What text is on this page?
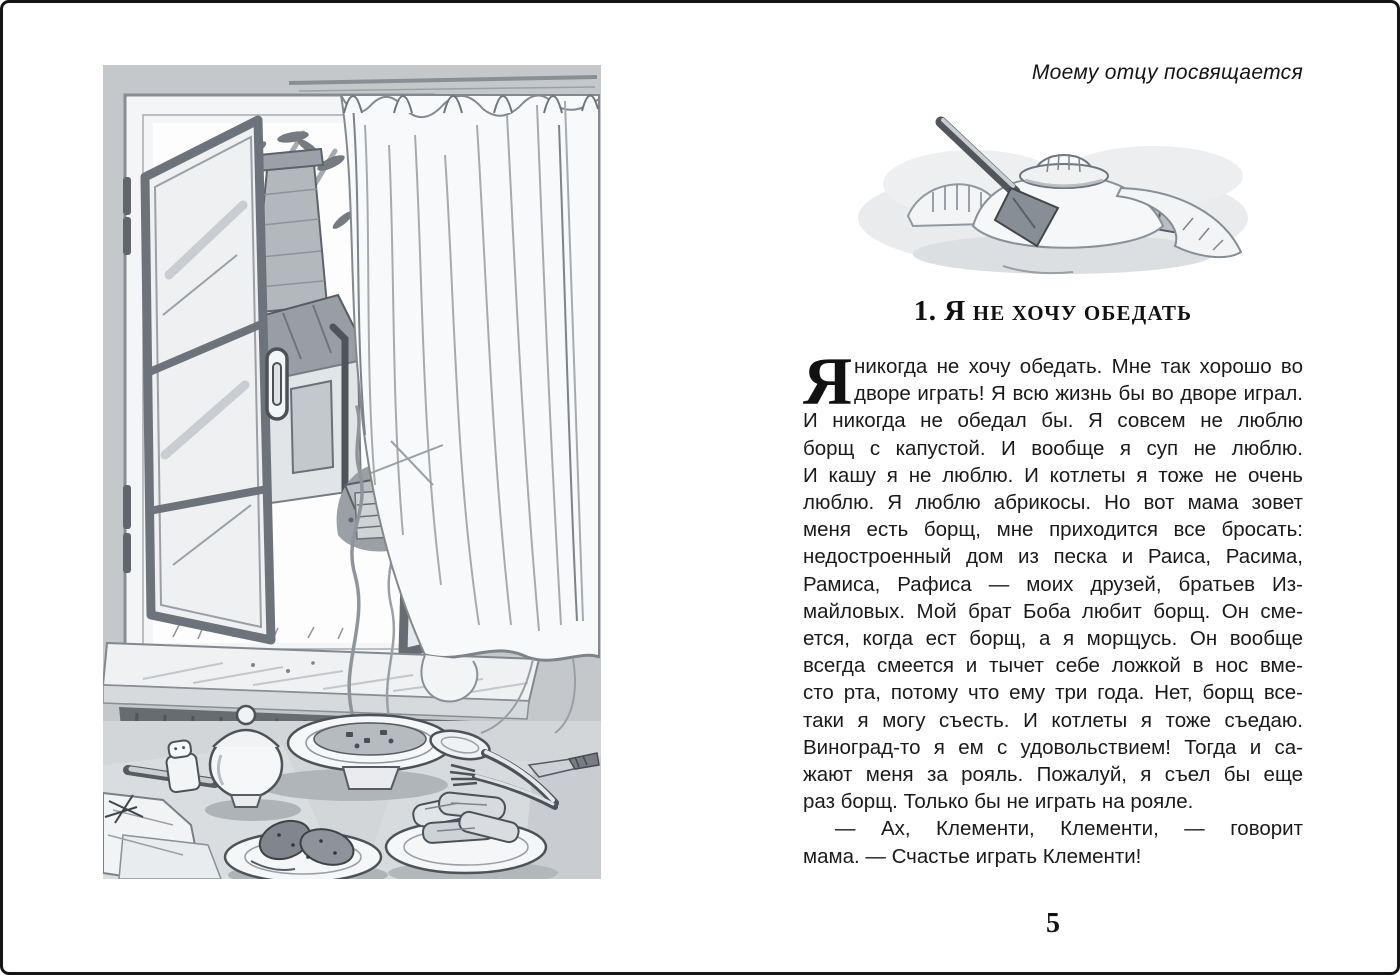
Моему отцу посвящается
1. Я НЕ ХОЧУ ОБЕДАТЬ
Я никогда не хочу обедать. Мне так хорошо во
дворе играть! Я всю жизнь бы во дворе играл.
И никогда не обедал бы. Я совсем не люблю
борщ с капустой. И вообще я суп не люблю.
И кашу я не люблю. И котлеты я тоже не очень
люблю. Я люблю абрикосы. Но вот мама зовет
меня есть борщ, мне приходится все бросать:
недостроенный дом из песка и Раиса, Расима,
Рамиса, Рафиса — моих друзей, братьев Из-
майловых. Мой брат Боба любит борщ. Он сме-
ется, когда ест борщ, а я морщусь. Он вообще
всегда смеется и тычет себе ложкой в нос вме-
сто рта, потому что ему три года. Нет, борщ все-
таки я могу съесть. И котлеты я тоже съедаю.
Виноград-то я ем с удовольствием! Тогда и са-
жают меня за рояль. Пожалуй, я съел бы еще
раз борщ. Только бы не играть на рояле.
— Ах, Клементи, Клементи, — говорит
мама. — Счастье играть Клементи!
5
